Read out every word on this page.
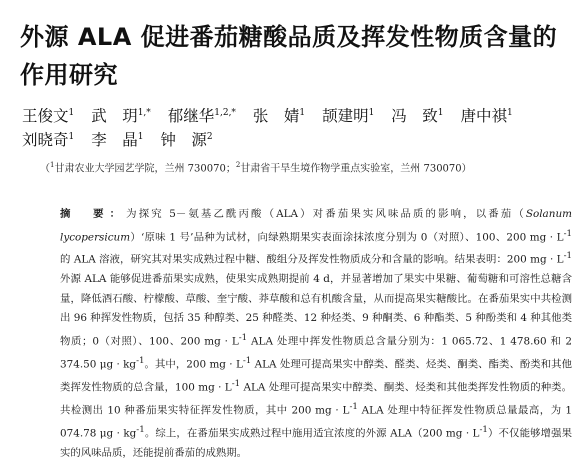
外源 ALA 促进番茄糖酸品质及挥发性物质含量的作用研究
王俊文$^1$ 武　玥$^{1,*}$ 郁继华$^{1,2,*}$ 张　婧$^1$ 颉建明$^1$ 冯　致$^1$ 唐中祺$^1$ 刘晓奇$^1$ 李　晶$^1$ 钟　源$^2$
（$^1$甘肃农业大学园艺学院，兰州 730070；$^2$甘肃省干旱生境作物学重点实验室，兰州 730070）
摘　要：为探究 5－氨基乙酰丙酸（ALA）对番茄果实风味品质的影响，以番茄（Solanum lycopersicum）‘原味 1 号’品种为试材，向绿熟期果实表面涂抹浓度分别为 0（对照）、100、200 mg · $L^{-1}$ 的 ALA 溶液，研究其对果实成熟过程中糖、酸组分及挥发性物质成分和含量的影响。结果表明：200 mg · $L^{-1}$ 外源 ALA 能够促进番茄果实成熟，使果实成熟期提前 4 d，并显著增加了果实中果糖、葡萄糖和可溶性总糖含量，降低酒石酸、柠檬酸、草酸、奎宁酸、莽草酸和总有机酸含量，从而提高果实糖酸比。在番茄果实中共检测出 96 种挥发性物质，包括 35 种醇类、25 种醛类、12 种烃类、9 种酮类、6 种酯类、5 种酚类和 4 种其他类物质；0（对照）、100、200 mg · $L^{-1}$ ALA 处理中挥发性物质总含量分别为：1 065.72、1 478.60 和 2 374.50 $\mu g \cdot kg^{-1}$。其中，200 mg · $L^{-1}$ ALA 处理可提高果实中醇类、醛类、烃类、酮类、酯类、酚类和其他类挥发性物质的总含量，100 mg · $L^{-1}$ ALA 处理可提高果实中醇类、酮类、烃类和其他类挥发性物质的种类。共检测出 10 种番茄果实特征挥发性物质，其中 200 mg · $L^{-1}$ ALA 处理中特征挥发性物质总量最高，为 1 074.78 $\mu g \cdot kg^{-1}$。综上，在番茄果实成熟过程中施用适宜浓度的外源 ALA（200 mg · $L^{-1}$）不仅能够增强果实的风味品质，还能提前番茄的成熟期。
